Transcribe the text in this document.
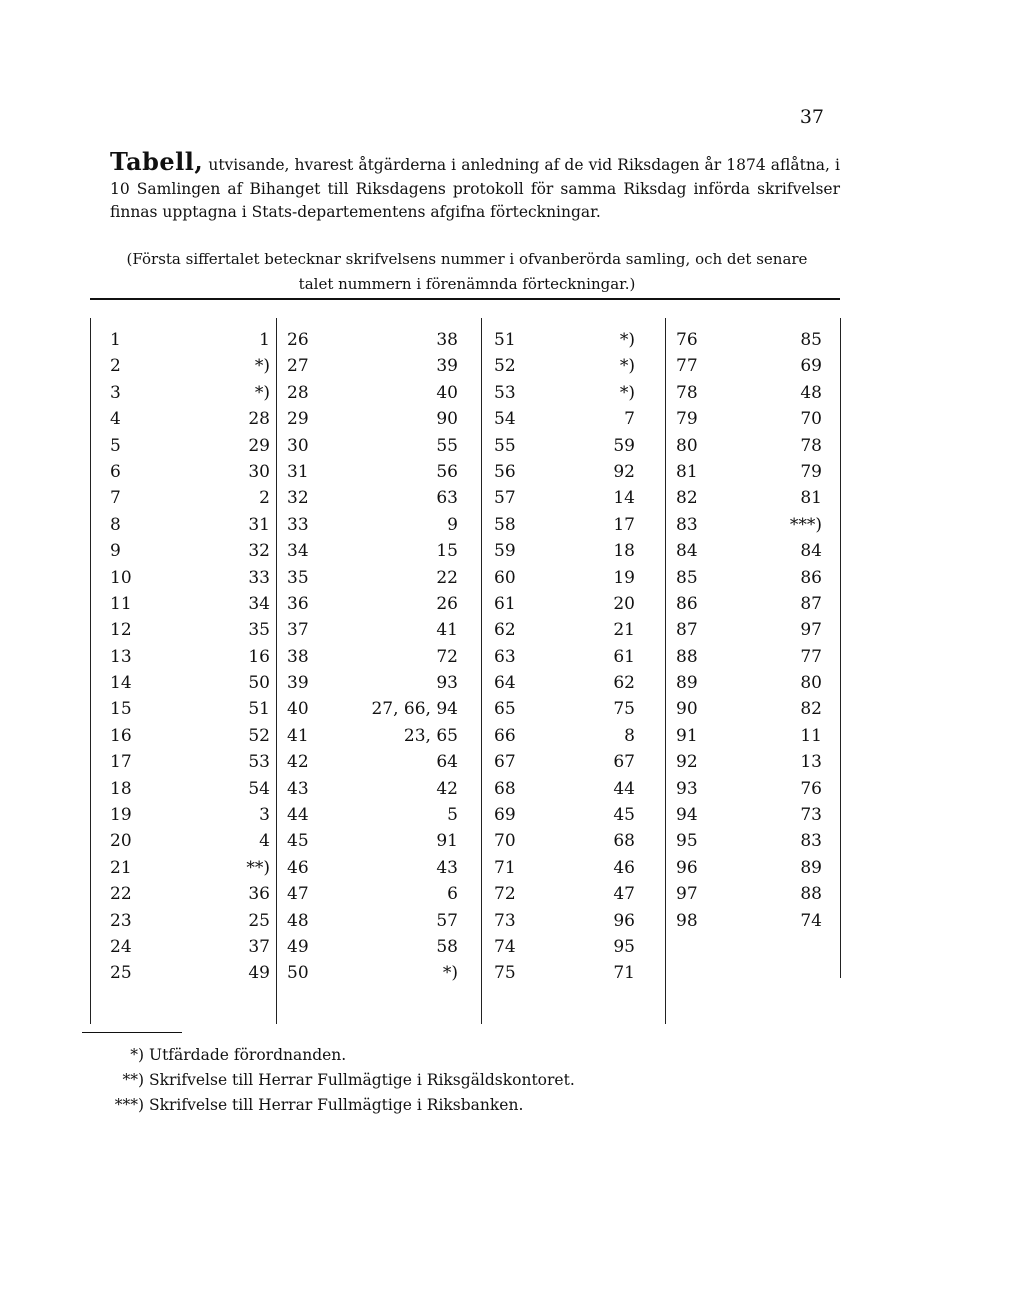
37
Tabell, utvisande, hvarest åtgärderna i anledning af de vid Riksdagen år 1874 aflåtna, i 10 Samlingen af Bihanget till Riksdagens protokoll för samma Riksdag införda skrifvelser finnas upptagna i Stats-departementens afgifna förteckningar.
(Första siffertalet betecknar skrifvelsens nummer i ofvanberörda samling, och det senare
talet nummern i förenämnda förteckningar.)
1	1 26	38 51	*) 76	85
2	*) 27	39 52	*) 77	69
3	*) 28	40 53	*) 78	48
4	28 29	90 54	7 79	70
5	29 30	55 55	59 80	78
6	30 31	56 56	92 81	79
7	2 32	63 57	14 82	81
8	31 33	9 58	17 83	***)
9	32 34	15 59	18 84	84
10	33 35	22 60	19 85	86
11	34 36	26 61	20 86	87
12	35 37	41 62	21 87	97
13	16 38	72 63	61 88	77
14	50 39	93 64	62 89	80
15	51 40	27, 66, 94 65	75 90	82
16	52 41	23, 65 66	8 91	11
17	53 42	64 67	67 92	13
18	54 43	42 68	44 93	76
19	3 44	5 69	45 94	73
20	4 45	91 70	68 95	83
21	**) 46	43 71	46 96	89
22	36 47	6 72	47 97	88
23	25 48	57 73	96 98	74
24	37 49	58 74	95
25	49 50	*) 75	71
*) Utfärdade förordnanden.
**) Skrifvelse till Herrar Fullmägtige i Riksgäldskontoret.
***) Skrifvelse till Herrar Fullmägtige i Riksbanken.
